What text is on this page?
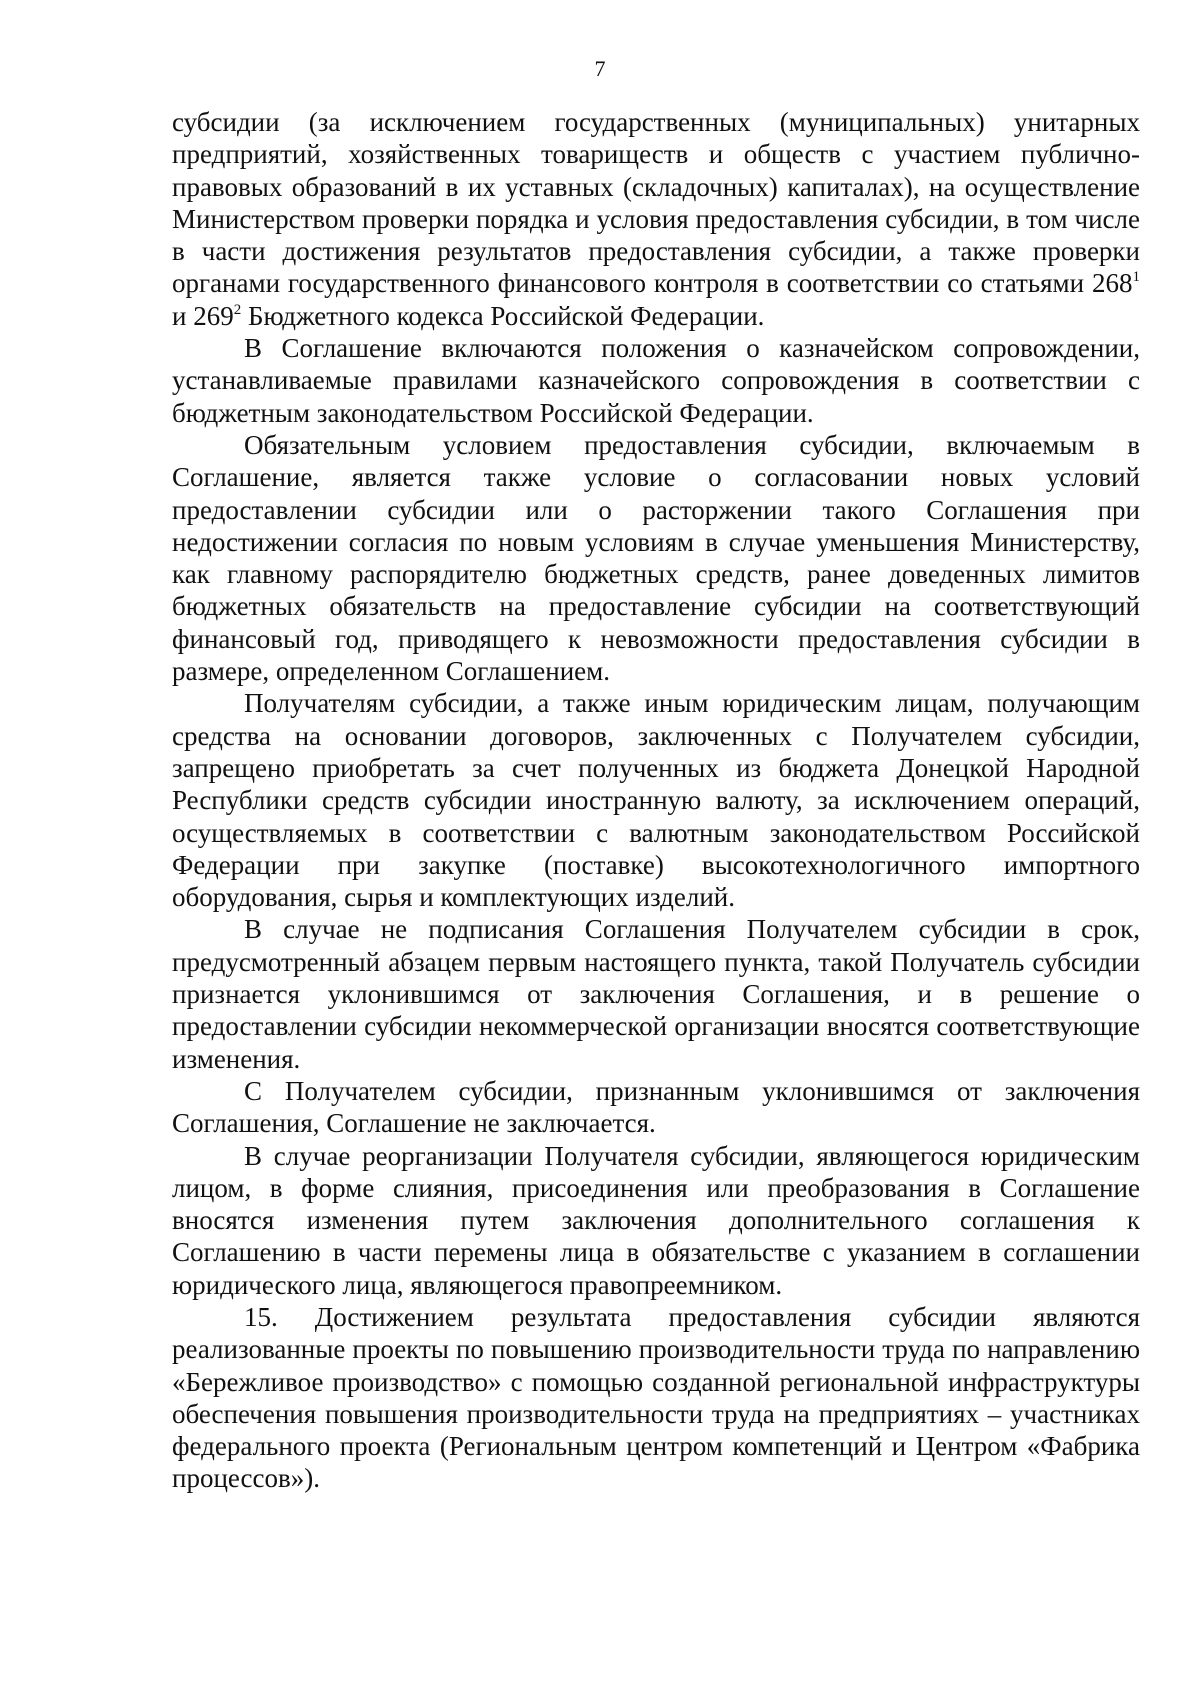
7

субсидии (за исключением государственных (муниципальных) унитарных предприятий, хозяйственных товариществ и обществ с участием публично-правовых образований в их уставных (складочных) капиталах), на осуществление Министерством проверки порядка и условия предоставления субсидии, в том числе в части достижения результатов предоставления субсидии, а также проверки органами государственного финансового контроля в соответствии со статьями $268^1$ и $269^2$ Бюджетного кодекса Российской Федерации.

В Соглашение включаются положения о казначейском сопровождении, устанавливаемые правилами казначейского сопровождения в соответствии с бюджетным законодательством Российской Федерации.

Обязательным условием предоставления субсидии, включаемым в Соглашение, является также условие о согласовании новых условий предоставлении субсидии или о расторжении такого Соглашения при недостижении согласия по новым условиям в случае уменьшения Министерству, как главному распорядителю бюджетных средств, ранее доведенных лимитов бюджетных обязательств на предоставление субсидии на соответствующий финансовый год, приводящего к невозможности предоставления субсидии в размере, определенном Соглашением.

Получателям субсидии, а также иным юридическим лицам, получающим средства на основании договоров, заключенных с Получателем субсидии, запрещено приобретать за счет полученных из бюджета Донецкой Народной Республики средств субсидии иностранную валюту, за исключением операций, осуществляемых в соответствии с валютным законодательством Российской Федерации при закупке (поставке) высокотехнологичного импортного оборудования, сырья и комплектующих изделий.

В случае не подписания Соглашения Получателем субсидии в срок, предусмотренный абзацем первым настоящего пункта, такой Получатель субсидии признается уклонившимся от заключения Соглашения, и в решение о предоставлении субсидии некоммерческой организации вносятся соответствующие изменения.

С Получателем субсидии, признанным уклонившимся от заключения Соглашения, Соглашение не заключается.

В случае реорганизации Получателя субсидии, являющегося юридическим лицом, в форме слияния, присоединения или преобразования в Соглашение вносятся изменения путем заключения дополнительного соглашения к Соглашению в части перемены лица в обязательстве с указанием в соглашении юридического лица, являющегося правопреемником.

15. Достижением результата предоставления субсидии являются реализованные проекты по повышению производительности труда по направлению «Бережливое производство» с помощью созданной региональной инфраструктуры обеспечения повышения производительности труда на предприятиях – участниках федерального проекта (Региональным центром компетенций и Центром «Фабрика процессов»).
